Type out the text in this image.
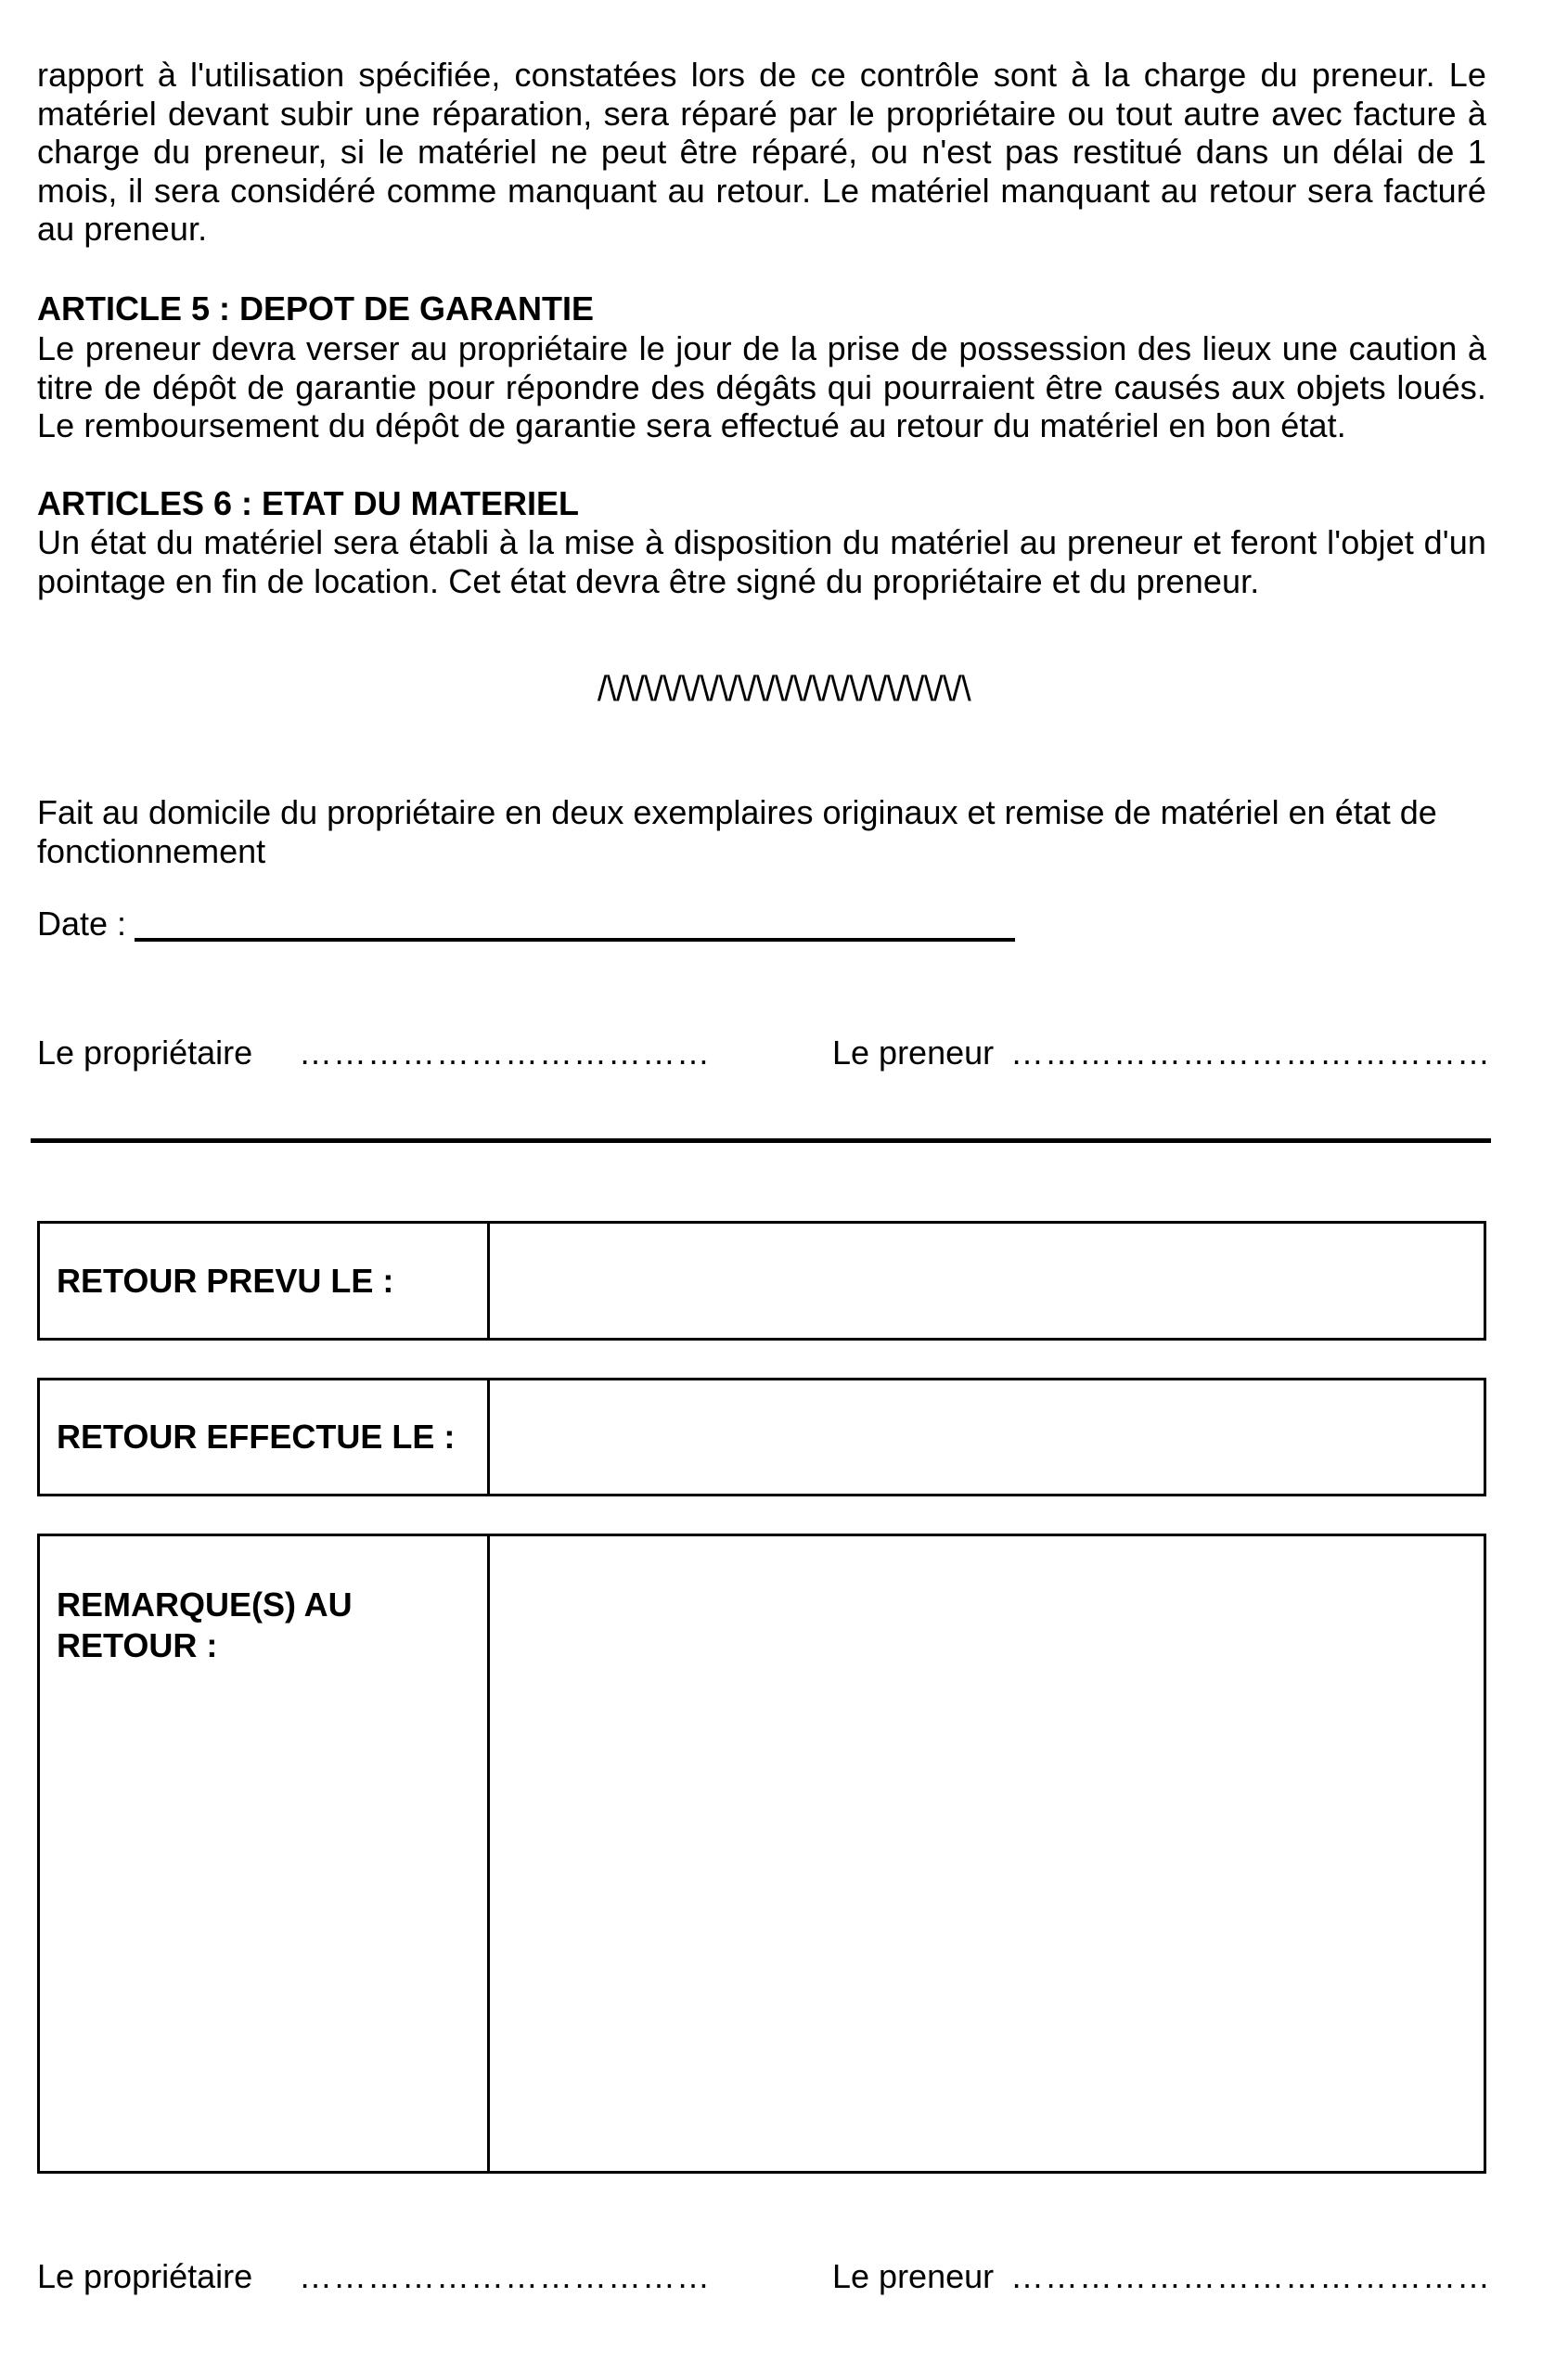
rapport à l'utilisation spécifiée, constatées lors de ce contrôle sont à la charge du preneur. Le matériel devant subir une réparation, sera réparé par le propriétaire ou tout autre avec facture à charge du preneur, si le matériel ne peut être réparé, ou n'est pas restitué dans un délai de 1 mois, il sera considéré comme manquant au retour. Le matériel manquant au retour sera facturé au preneur.
ARTICLE 5 : DEPOT DE GARANTIE
Le preneur devra verser au propriétaire le jour de la prise de possession des lieux une caution à titre de dépôt de garantie pour répondre des dégâts qui pourraient être causés aux objets loués. Le remboursement du dépôt de garantie sera effectué au retour du matériel en bon état.
ARTICLES 6 : ETAT DU MATERIEL
Un état du matériel sera établi à la mise à disposition du matériel au preneur et feront l'objet d'un pointage en fin de location. Cet état devra être signé du propriétaire et du preneur.
/\/\/\/\/\/\/\/\/\/\/\/\/\/\/\/\/\/\/\/\
Fait au domicile du propriétaire en deux exemplaires originaux et remise de matériel en état de fonctionnement
Date :
Le propriétaire ………………………………	Le preneur ……………………………………
RETOUR PREVU LE :
RETOUR EFFECTUE LE :
REMARQUE(S) AU
RETOUR :
Le propriétaire ………………………………	Le preneur ……………………………………
